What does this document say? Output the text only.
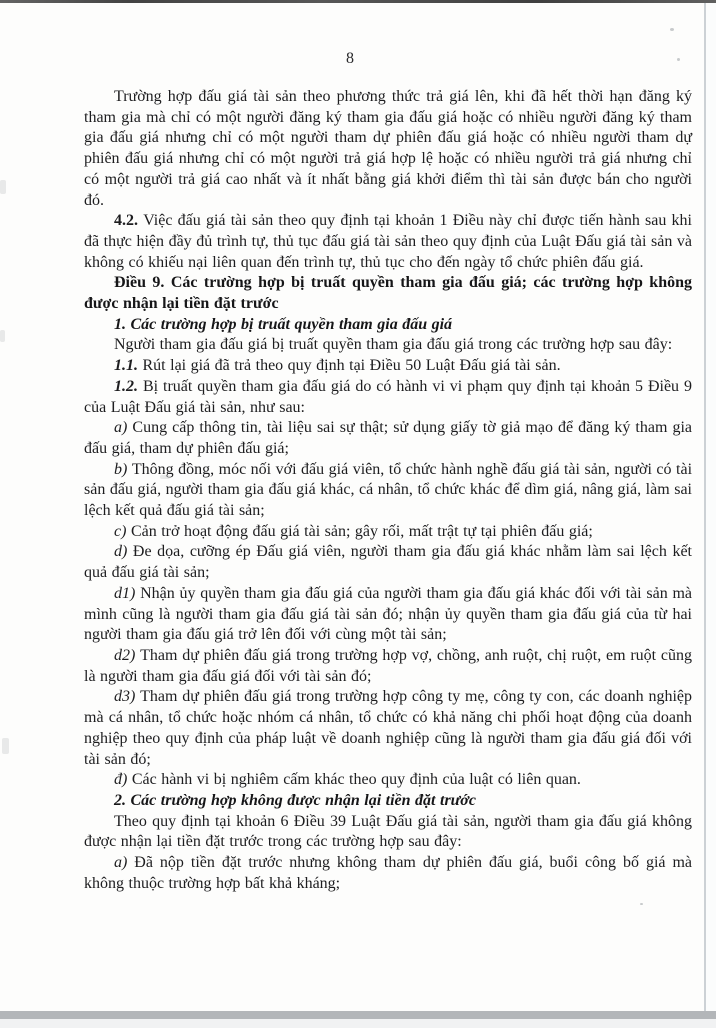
8

Trường hợp đấu giá tài sản theo phương thức trả giá lên, khi đã hết thời hạn đăng ký tham gia mà chỉ có một người đăng ký tham gia đấu giá hoặc có nhiều người đăng ký tham gia đấu giá nhưng chỉ có một người tham dự phiên đấu giá hoặc có nhiều người tham dự phiên đấu giá nhưng chỉ có một người trả giá hợp lệ hoặc có nhiều người trả giá nhưng chỉ có một người trả giá cao nhất và ít nhất bằng giá khởi điểm thì tài sản được bán cho người đó.

4.2. Việc đấu giá tài sản theo quy định tại khoản 1 Điều này chỉ được tiến hành sau khi đã thực hiện đầy đủ trình tự, thủ tục đấu giá tài sản theo quy định của Luật Đấu giá tài sản và không có khiếu nại liên quan đến trình tự, thủ tục cho đến ngày tổ chức phiên đấu giá.

Điều 9. Các trường hợp bị truất quyền tham gia đấu giá; các trường hợp không được nhận lại tiền đặt trước

1. Các trường hợp bị truất quyền tham gia đấu giá

Người tham gia đấu giá bị truất quyền tham gia đấu giá trong các trường hợp sau đây:

1.1. Rút lại giá đã trả theo quy định tại Điều 50 Luật Đấu giá tài sản.

1.2. Bị truất quyền tham gia đấu giá do có hành vi vi phạm quy định tại khoản 5 Điều 9 của Luật Đấu giá tài sản, như sau:

a) Cung cấp thông tin, tài liệu sai sự thật; sử dụng giấy tờ giả mạo để đăng ký tham gia đấu giá, tham dự phiên đấu giá;

b) Thông đồng, móc nối với đấu giá viên, tổ chức hành nghề đấu giá tài sản, người có tài sản đấu giá, người tham gia đấu giá khác, cá nhân, tổ chức khác để dìm giá, nâng giá, làm sai lệch kết quả đấu giá tài sản;

c) Cản trở hoạt động đấu giá tài sản; gây rối, mất trật tự tại phiên đấu giá;

d) Đe dọa, cưỡng ép Đấu giá viên, người tham gia đấu giá khác nhằm làm sai lệch kết quả đấu giá tài sản;

d1) Nhận ủy quyền tham gia đấu giá của người tham gia đấu giá khác đối với tài sản mà mình cũng là người tham gia đấu giá tài sản đó; nhận ủy quyền tham gia đấu giá của từ hai người tham gia đấu giá trở lên đối với cùng một tài sản;

d2) Tham dự phiên đấu giá trong trường hợp vợ, chồng, anh ruột, chị ruột, em ruột cũng là người tham gia đấu giá đối với tài sản đó;

d3) Tham dự phiên đấu giá trong trường hợp công ty mẹ, công ty con, các doanh nghiệp mà cá nhân, tổ chức hoặc nhóm cá nhân, tổ chức có khả năng chi phối hoạt động của doanh nghiệp theo quy định của pháp luật về doanh nghiệp cũng là người tham gia đấu giá đối với tài sản đó;

đ) Các hành vi bị nghiêm cấm khác theo quy định của luật có liên quan.

2. Các trường hợp không được nhận lại tiền đặt trước

Theo quy định tại khoản 6 Điều 39 Luật Đấu giá tài sản, người tham gia đấu giá không được nhận lại tiền đặt trước trong các trường hợp sau đây:

a) Đã nộp tiền đặt trước nhưng không tham dự phiên đấu giá, buổi công bố giá mà không thuộc trường hợp bất khả kháng;
